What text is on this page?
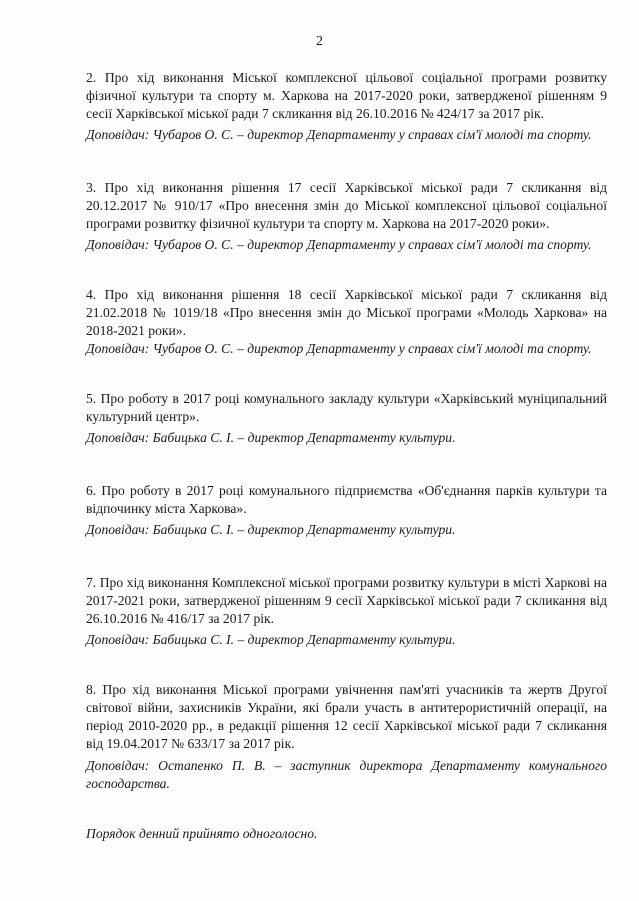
2

2. Про хід виконання Міської комплексної цільової соціальної програми розвитку фізичної культури та спорту м. Харкова на 2017-2020 роки, затвердженої рішенням 9 сесії Харківської міської ради 7 скликання від 26.10.2016 № 424/17 за 2017 рік.

Доповідач: Чубаров О. С. – директор Департаменту у справах сім'ї молоді та спорту.

3. Про хід виконання рішення 17 сесії Харківської міської ради 7 скликання від 20.12.2017 № 910/17 «Про внесення змін до Міської комплексної цільової соціальної програми розвитку фізичної культури та спорту м. Харкова на 2017-2020 роки».

Доповідач: Чубаров О. С. – директор Департаменту у справах сім'ї молоді та спорту.

4. Про хід виконання рішення 18 сесії Харківської міської ради 7 скликання від 21.02.2018 № 1019/18 «Про внесення змін до Міської програми «Молодь Харкова» на 2018-2021 роки».

Доповідач: Чубаров О. С. – директор Департаменту у справах сім'ї молоді та спорту.

5. Про роботу в 2017 році комунального закладу культури «Харківський муніципальний культурний центр».

Доповідач: Бабицька С. І. – директор Департаменту культури.

6. Про роботу в 2017 році комунального підприємства «Об'єднання парків культури та відпочинку міста Харкова».

Доповідач: Бабицька С. І. – директор Департаменту культури.

7. Про хід виконання Комплексної міської програми розвитку культури в місті Харкові на 2017-2021 роки, затвердженої рішенням 9 сесії Харківської міської ради 7 скликання від 26.10.2016 № 416/17 за 2017 рік.

Доповідач: Бабицька С. І. – директор Департаменту культури.

8. Про хід виконання Міської програми увічнення пам'яті учасників та жертв Другої світової війни, захисників України, які брали участь в антитерористичній операції, на період 2010-2020 рр., в редакції рішення 12 сесії Харківської міської ради 7 скликання від 19.04.2017 № 633/17 за 2017 рік.

Доповідач: Остапенко П. В. – заступник директора Департаменту комунального господарства.

Порядок денний прийнято одноголосно.
